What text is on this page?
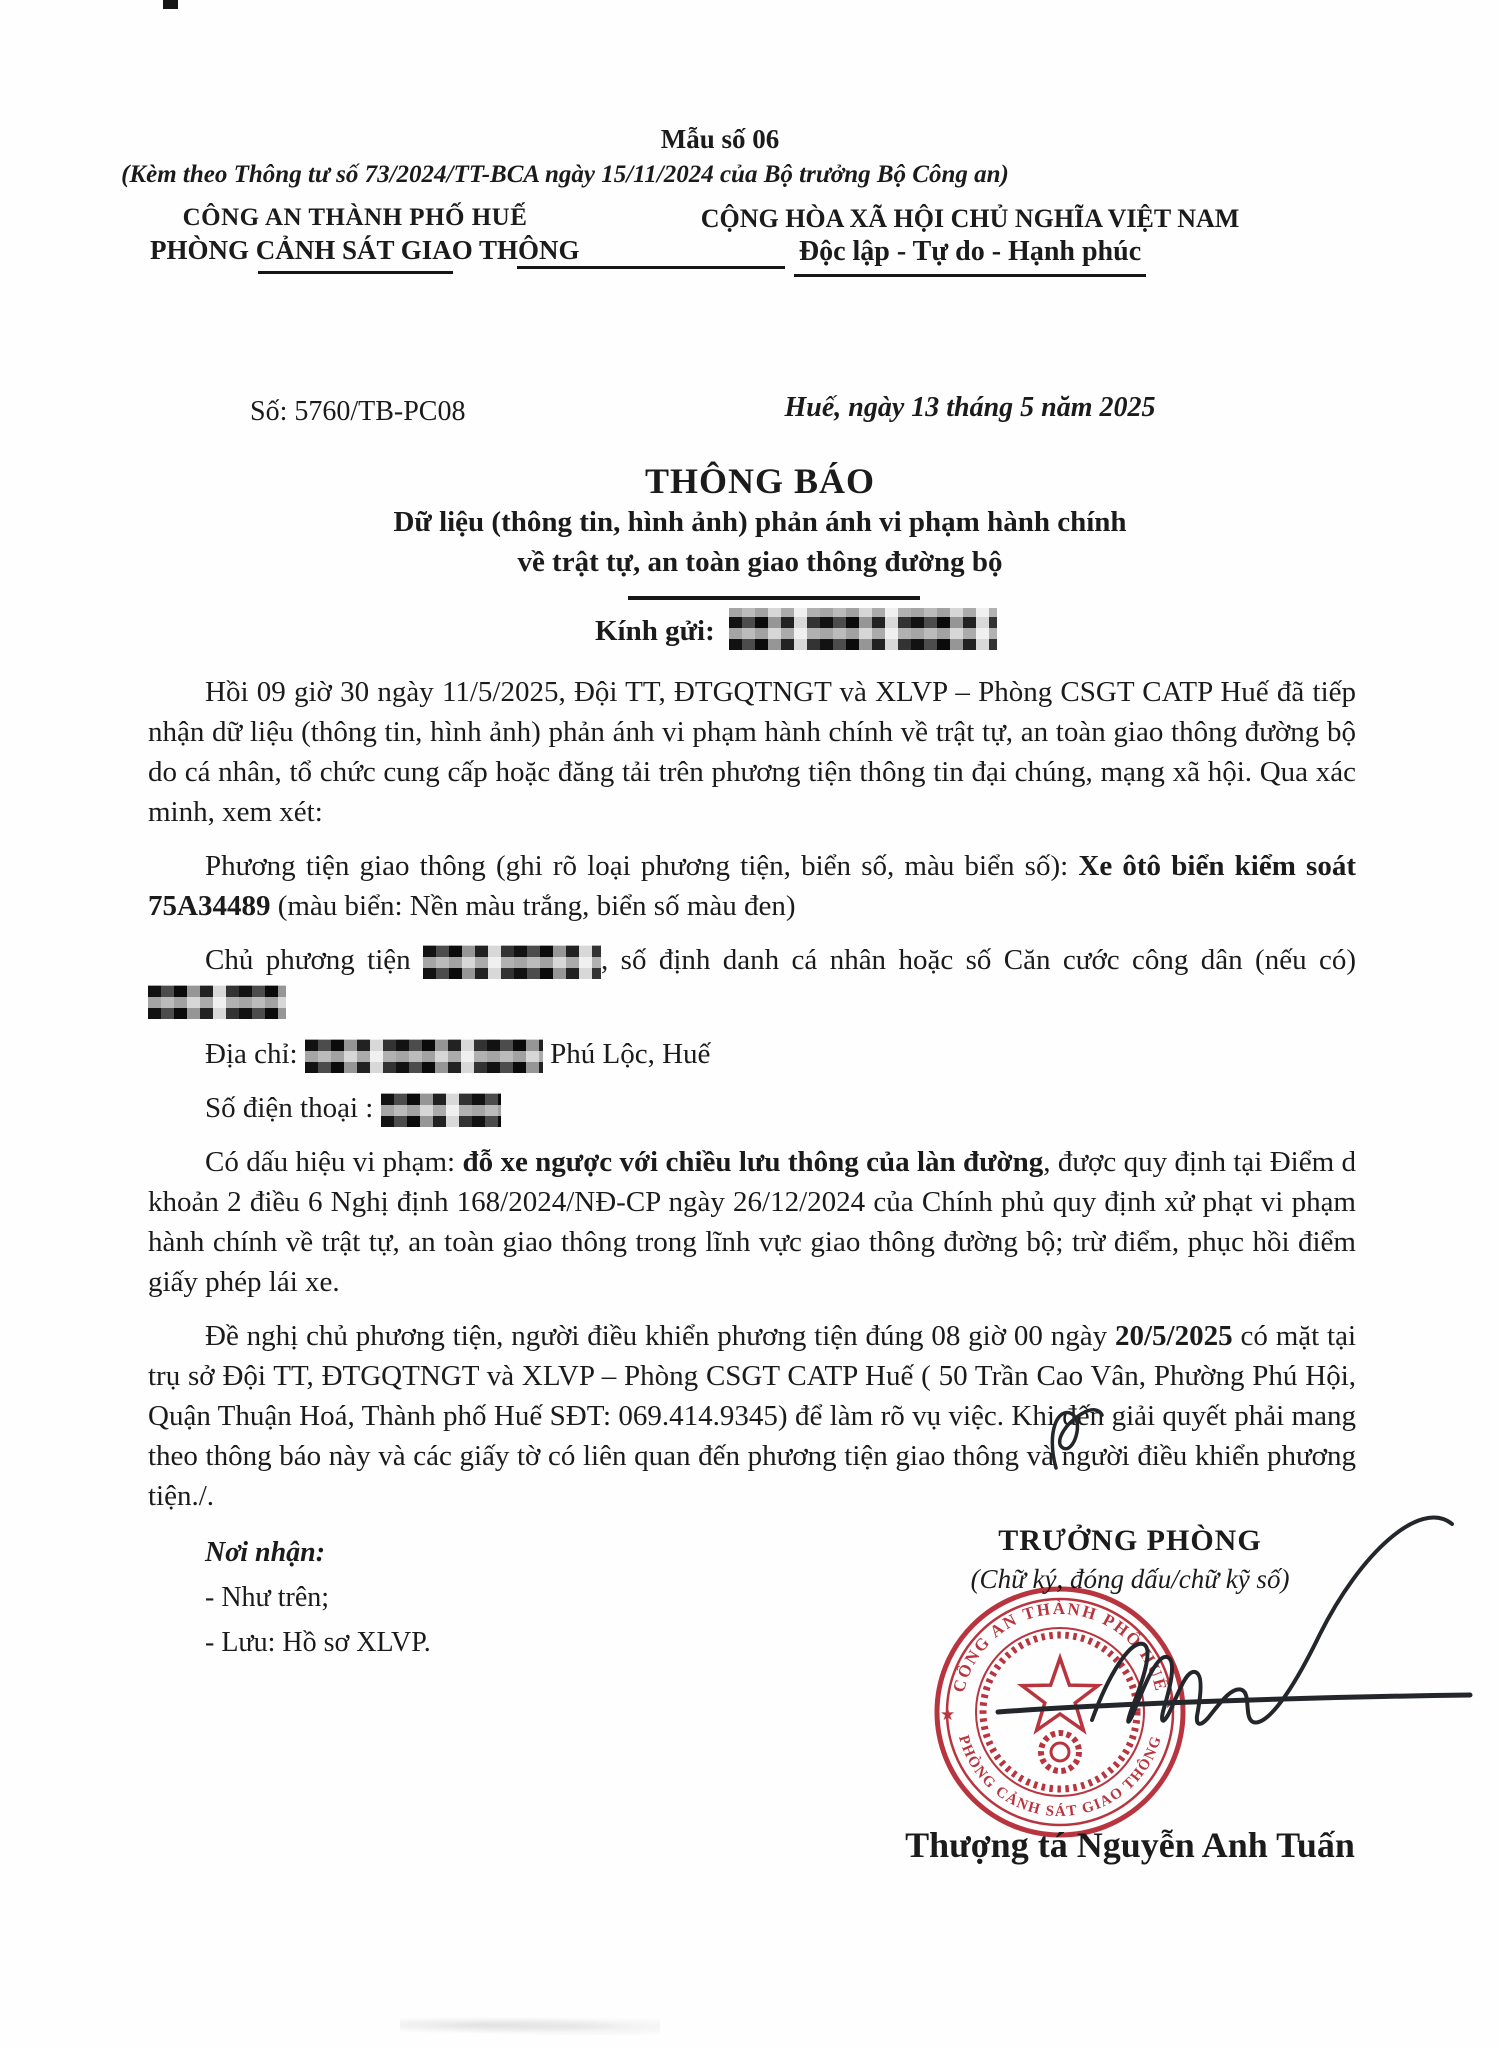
Mẫu số 06
(Kèm theo Thông tư số 73/2024/TT-BCA ngày 15/11/2024 của Bộ trưởng Bộ Công an)
CÔNG AN THÀNH PHỐ HUẾ
PHÒNG CẢNH SÁT GIAO THÔNG
CỘNG HÒA XÃ HỘI CHỦ NGHĨA VIỆT NAM
Độc lập - Tự do - Hạnh phúc
Số: 5760/TB-PC08	Huế, ngày 13 tháng 5 năm 2025
THÔNG BÁO
Dữ liệu (thông tin, hình ảnh) phản ánh vi phạm hành chính
về trật tự, an toàn giao thông đường bộ
Kính gửi:

Hồi 09 giờ 30 ngày 11/5/2025, Đội TT, ĐTGQTNGT và XLVP – Phòng CSGT CATP Huế đã tiếp nhận dữ liệu (thông tin, hình ảnh) phản ánh vi phạm hành chính về trật tự, an toàn giao thông đường bộ do cá nhân, tổ chức cung cấp hoặc đăng tải trên phương tiện thông tin đại chúng, mạng xã hội. Qua xác minh, xem xét:

Phương tiện giao thông (ghi rõ loại phương tiện, biển số, màu biển số): Xe ôtô biển kiểm soát 75A34489 (màu biển: Nền màu trắng, biển số màu đen)

Chủ phương tiện	, số định danh cá nhân hoặc số Căn cước công dân (nếu có)

Địa chỉ:	Phú Lộc, Huế

Số điện thoại :

Có dấu hiệu vi phạm: đỗ xe ngược với chiều lưu thông của làn đường, được quy định tại Điểm d khoản 2 điều 6 Nghị định 168/2024/NĐ-CP ngày 26/12/2024 của Chính phủ quy định xử phạt vi phạm hành chính về trật tự, an toàn giao thông trong lĩnh vực giao thông đường bộ; trừ điểm, phục hồi điểm giấy phép lái xe.

Đề nghị chủ phương tiện, người điều khiển phương tiện đúng 08 giờ 00 ngày 20/5/2025 có mặt tại trụ sở Đội TT, ĐTGQTNGT và XLVP – Phòng CSGT CATP Huế ( 50 Trần Cao Vân, Phường Phú Hội, Quận Thuận Hoá, Thành phố Huế SĐT: 069.414.9345) để làm rõ vụ việc. Khi đến giải quyết phải mang theo thông báo này và các giấy tờ có liên quan đến phương tiện giao thông và người điều khiển phương tiện./.

Nơi nhận:
- Như trên;
- Lưu: Hồ sơ XLVP.
TRƯỞNG PHÒNG
(Chữ ký, đóng dấu/chữ kỹ số)
CÔNG AN THÀNH PHỐ HUẾ
PHÒNG CẢNH SÁT GIAO THÔNG
★
★
Thượng tá Nguyễn Anh Tuấn
